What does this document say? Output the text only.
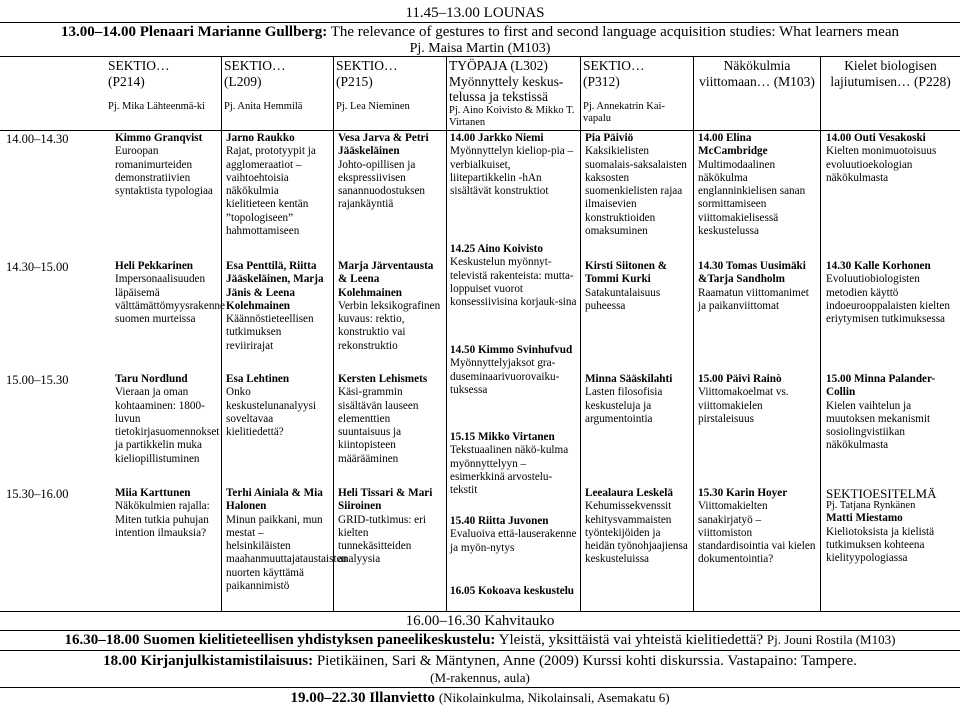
11.45–13.00 LOUNAS
13.00–14.00 Plenaari Marianne Gullberg: The relevance of gestures to first and second language acquisition studies: What learners mean
Pj. Maisa Martin (M103)
SEKTIO…
(P214)
Pj. Mika Lähteenmä-ki
SEKTIO…
(L209)
Pj. Anita Hemmilä
SEKTIO…
(P215)
Pj. Lea Nieminen
TYÖPAJA (L302)
Myönnyttely keskus-telussa ja tekstissä
Pj. Aino Koivisto & Mikko T. Virtanen
SEKTIO…
(P312)
Pj. Annekatrin Kai-vapalu
Näkökulmia viittomaan… (M103)
Kielet biologisen lajiutumisen… (P228)
14.00–14.30
14.30–15.00
15.00–15.30
15.30–16.00
Kimmo Granqvist
Euroopan romanimurteiden demonstratiivien syntaktista typologiaa
Heli Pekkarinen
Impersonaalisuuden läpäisemä välttämättömyysrakenne suomen murteissa
Taru Nordlund
Vieraan ja oman kohtaaminen: 1800-luvun tietokirjasuomennokset ja partikkelin muka kieliopillistuminen
Miia Karttunen
Näkökulmien rajalla: Miten tutkia puhujan intention ilmauksia?
Jarno Raukko
Rajat, prototyypit ja agglomeraatiot – vaihtoehtoisia näkökulmia kielitieteen kentän ”topologiseen” hahmottamiseen
Esa Penttilä, Riitta Jääskeläinen, Marja Jänis & Leena Kolehmainen
Käännöstieteellisen tutkimuksen reviirirajat
Esa Lehtinen
Onko keskustelunanalyysi soveltavaa kielitiedettä?
Terhi Ainiala & Mia Halonen
Minun paikkani, mun mestat – helsinkiläisten maahanmuuttajataustaisten nuorten käyttämä paikannimistö
Vesa Jarva & Petri Jääskeläinen
Johto-opillisen ja ekspressiivisen sanannuodostuksen rajankäyntiä
Marja Järventausta & Leena Kolehmainen
Verbin leksikografinen kuvaus: rektio, konstruktio vai rekonstruktio
Kersten Lehismets
Käsi-grammin sisältävän lauseen elementtien suuntaisuus ja kiintopisteen määrääminen
Heli Tissari & Mari Siiroinen
GRID-tutkimus: eri kielten tunnekäsitteiden analyysia
14.00 Jarkko Niemi
Myönnyttelyn kieliop-pia – verbialkuiset, liitepartikkelin -hAn sisältävät konstruktiot
14.25 Aino Koivisto
Keskustelun myönnyt-televistä rakenteista: mutta-loppuiset vuorot konsessiivisina korjauk-sina
14.50 Kimmo Svinhufvud
Myönnyttelyjaksot gra-duseminaarivuorovaiku-tuksessa
15.15 Mikko Virtanen
Tekstuaalinen näkö-kulma myönnyttelyyn – esimerkkinä arvostelu-tekstit
15.40 Riitta Juvonen
Evaluoiva että-lauserakenne ja myön-nytys
16.05 Kokoava keskustelu
Pia Päiviö
Kaksikielisten suomalais-saksalaisten kaksosten suomenkielisten rajaa ilmaisevien konstruktioiden omaksuminen
Kirsti Siitonen & Tommi Kurki
Satakuntalaisuus puheessa
Minna Sääskilahti
Lasten filosofisia keskusteluja ja argumentointia
Leealaura Leskelä
Kehumissekvenssit kehitysvammaisten työntekijöiden ja heidän työnohjaajiensa keskusteluissa
14.00 Elina McCambridge
Multimodaalinen näkökulma englanninkielisen sanan sormittamiseen viittomakielisessä keskustelussa
14.30 Tomas Uusimäki &Tarja Sandholm
Raamatun viittomanimet ja paikanviittomat
15.00 Päivi Rainò
Viittomakoelmat vs. viittomakielen pirstaleisuus
15.30 Karin Hoyer
Viittomakielten sanakirjatyö – viittomiston standardisointia vai kielen dokumentointia?
14.00 Outi Vesakoski
Kielten monimuotoisuus evoluutioekologian näkökulmasta
14.30 Kalle Korhonen
Evoluutiobiologisten metodien käyttö indoeurooppalaisten kielten eriytymisen tutkimuksessa
15.00 Minna Palander-Collin
Kielen vaihtelun ja muutoksen mekanismit sosiolingvistiikan näkökulmasta
SEKTIOESITELMÄ
Pj. Tatjana Rynkänen
Matti Miestamo
Kieliotoksista ja kielistä tutkimuksen kohteena kielityypologiassa
16.00–16.30 Kahvitauko
16.30–18.00 Suomen kielitieteellisen yhdistyksen paneelikeskustelu: Yleistä, yksittäistä vai yhteistä kielitiedettä? Pj. Jouni Rostila (M103)
18.00 Kirjanjulkistamistilaisuus: Pietikäinen, Sari & Mäntynen, Anne (2009) Kurssi kohti diskurssia. Vastapaino: Tampere.
(M-rakennus, aula)
19.00–22.30 Illanvietto (Nikolainkulma, Nikolainsali, Asemakatu 6)
